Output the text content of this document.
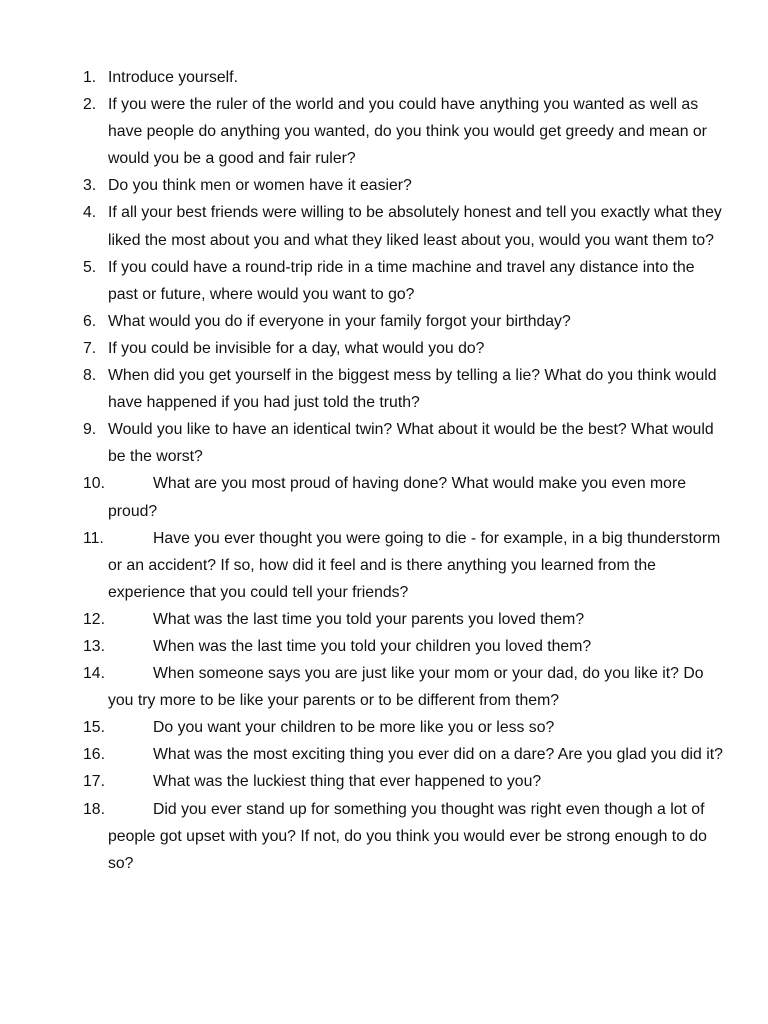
1. Introduce yourself.
2. If you were the ruler of the world and you could have anything you wanted as well as have people do anything you wanted, do you think you would get greedy and mean or would you be a good and fair ruler?
3. Do you think men or women have it easier?
4. If all your best friends were willing to be absolutely honest and tell you exactly what they liked the most about you and what they liked least about you, would you want them to?
5. If you could have a round-trip ride in a time machine and travel any distance into the past or future, where would you want to go?
6. What would you do if everyone in your family forgot your birthday?
7. If you could be invisible for a day, what would you do?
8. When did you get yourself in the biggest mess by telling a lie? What do you think would have happened if you had just told the truth?
9. Would you like to have an identical twin? What about it would be the best? What would be the worst?
10.	What are you most proud of having done? What would make you even more proud?
11.	Have you ever thought you were going to die - for example, in a big thunderstorm or an accident? If so, how did it feel and is there anything you learned from the experience that you could tell your friends?
12.	What was the last time you told your parents you loved them?
13.	When was the last time you told your children you loved them?
14.	When someone says you are just like your mom or your dad, do you like it? Do you try more to be like your parents or to be different from them?
15.	Do you want your children to be more like you or less so?
16.	What was the most exciting thing you ever did on a dare? Are you glad you did it?
17.	What was the luckiest thing that ever happened to you?
18.	Did you ever stand up for something you thought was right even though a lot of people got upset with you? If not, do you think you would ever be strong enough to do so?
